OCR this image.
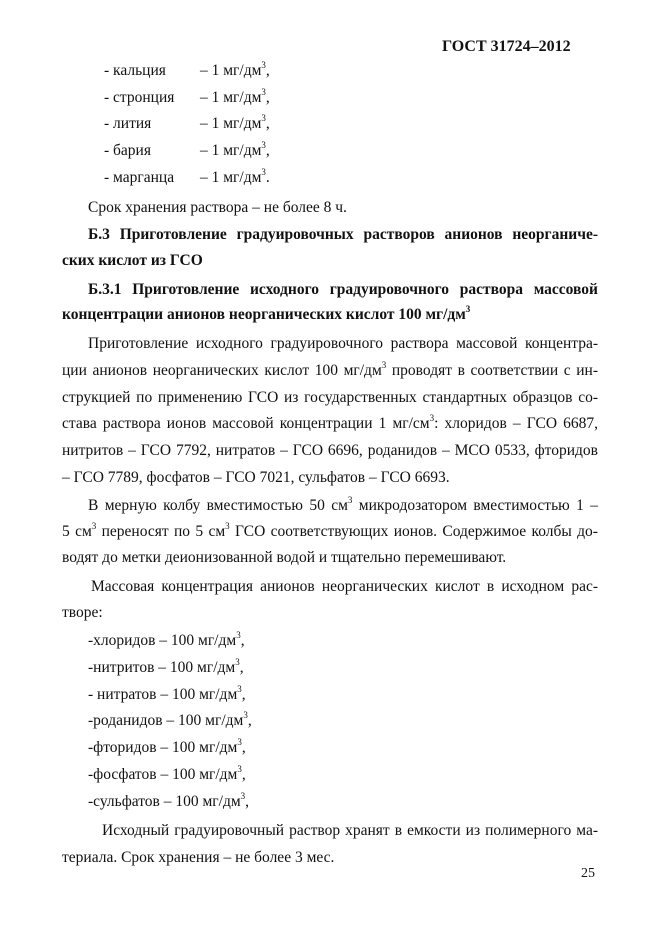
ГОСТ 31724–2012
- кальция – 1 $мг/дм^3$,
- стронция – 1 $мг/дм^3$,
- лития	– 1 $мг/дм^3$,
- бария	– 1 $мг/дм^3$,
- марганца – 1 $мг/дм^3$.
Срок хранения раствора – не более 8 ч.
Б.3 Приготовление градуировочных растворов анионов неорганиче-
ских кислот из ГСО
Б.3.1 Приготовление исходного градуировочного раствора массовой
концентрации анионов неорганических кислот 100 $мг/дм^3$
Приготовление исходного градуировочного раствора массовой концентра-
ции анионов неорганических кислот 100 $мг/дм^3$ проводят в соответствии с ин-
струкцией по применению ГСО из государственных стандартных образцов со-
става раствора ионов массовой концентрации 1 $мг/см^3$: хлоридов – ГСО 6687,
нитритов – ГСО 7792, нитратов – ГСО 6696, роданидов – МСО 0533, фторидов
– ГСО 7789, фосфатов – ГСО 7021, сульфатов – ГСО 6693.
В мерную колбу вместимостью 50 $см^3$ микродозатором вместимостью 1 –
5 $см^3$ переносят по 5 $см^3$ ГСО соответствующих ионов. Содержимое колбы до-
водят до метки деионизованной водой и тщательно перемешивают.
Массовая концентрация анионов неорганических кислот в исходном рас-
творе:
-хлоридов – 100 $мг/дм^3$,
-нитритов – 100 $мг/дм^3$,
- нитратов – 100 $мг/дм^3$,
-роданидов – 100 $мг/дм^3$,
-фторидов – 100 $мг/дм^3$,
-фосфатов – 100 $мг/дм^3$,
-сульфатов – 100 $мг/дм^3$,
Исходный градуировочный раствор хранят в емкости из полимерного ма-
териала. Срок хранения – не более 3 мес.
25
